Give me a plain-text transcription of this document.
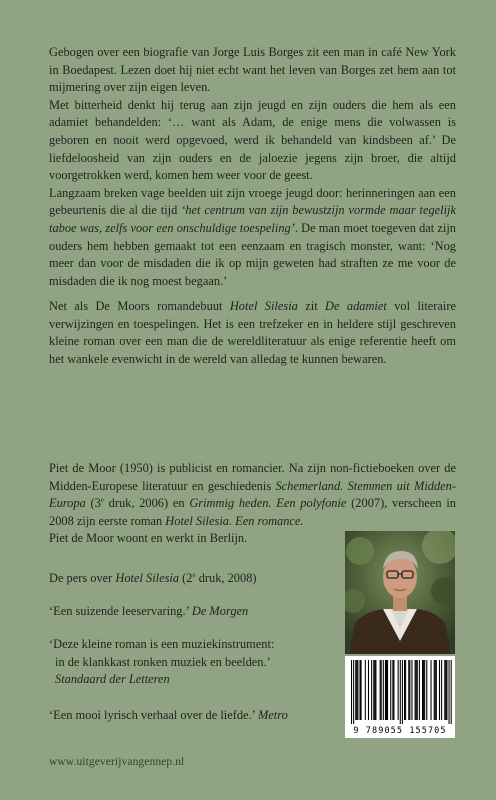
Gebogen over een biografie van Jorge Luis Borges zit een man in café New York in Boedapest. Lezen doet hij niet echt want het leven van Borges zet hem aan tot mijmering over zijn eigen leven.

Met bitterheid denkt hij terug aan zijn jeugd en zijn ouders die hem als een adamiet behandelden: ‘… want als Adam, de enige mens die volwassen is geboren en nooit werd opgevoed, werd ik behandeld van kindsbeen af.’ De liefdeloosheid van zijn ouders en de jaloezie jegens zijn broer, die altijd voorgetrokken werd, komen hem weer voor de geest.

Langzaam breken vage beelden uit zijn vroege jeugd door: herinneringen aan een gebeurtenis die al die tijd ‘het centrum van zijn bewustzijn vormde maar tegelijk taboe was, zelfs voor een onschuldige toespeling’. De man moet toegeven dat zijn ouders hem hebben gemaakt tot een eenzaam en tragisch monster, want: ‘Nog meer dan voor de misdaden die ik op mijn geweten had straften ze me voor de misdaden die ik nog moest begaan.’

Net als De Moors romandebuut Hotel Silesia zit De adamiet vol literaire verwijzingen en toespelingen. Het is een trefzeker en in heldere stijl geschreven kleine roman over een man die de wereldliteratuur als enige referentie heeft om het wankele evenwicht in de wereld van alledag te kunnen bewaren.

Piet de Moor (1950) is publicist en romancier. Na zijn non-fictieboeken over de Midden-Europese literatuur en geschiedenis Schemerland. Stemmen uit Midden-Europa (3e druk, 2006) en Grimmig heden. Een polyfonie (2007), verscheen in 2008 zijn eerste roman Hotel Silesia. Een romance.

Piet de Moor woont en werkt in Berlijn.

De pers over Hotel Silesia (2e druk, 2008)

‘Een suizende leeservaring.’ De Morgen

‘Deze kleine roman is een muziekinstrument:

in de klankkast ronken muziek en beelden.’

Standaard der Letteren

‘Een mooi lyrisch verhaal over de liefde.’ Metro

www.uitgeverijvangennep.nl
9 789055 155705
